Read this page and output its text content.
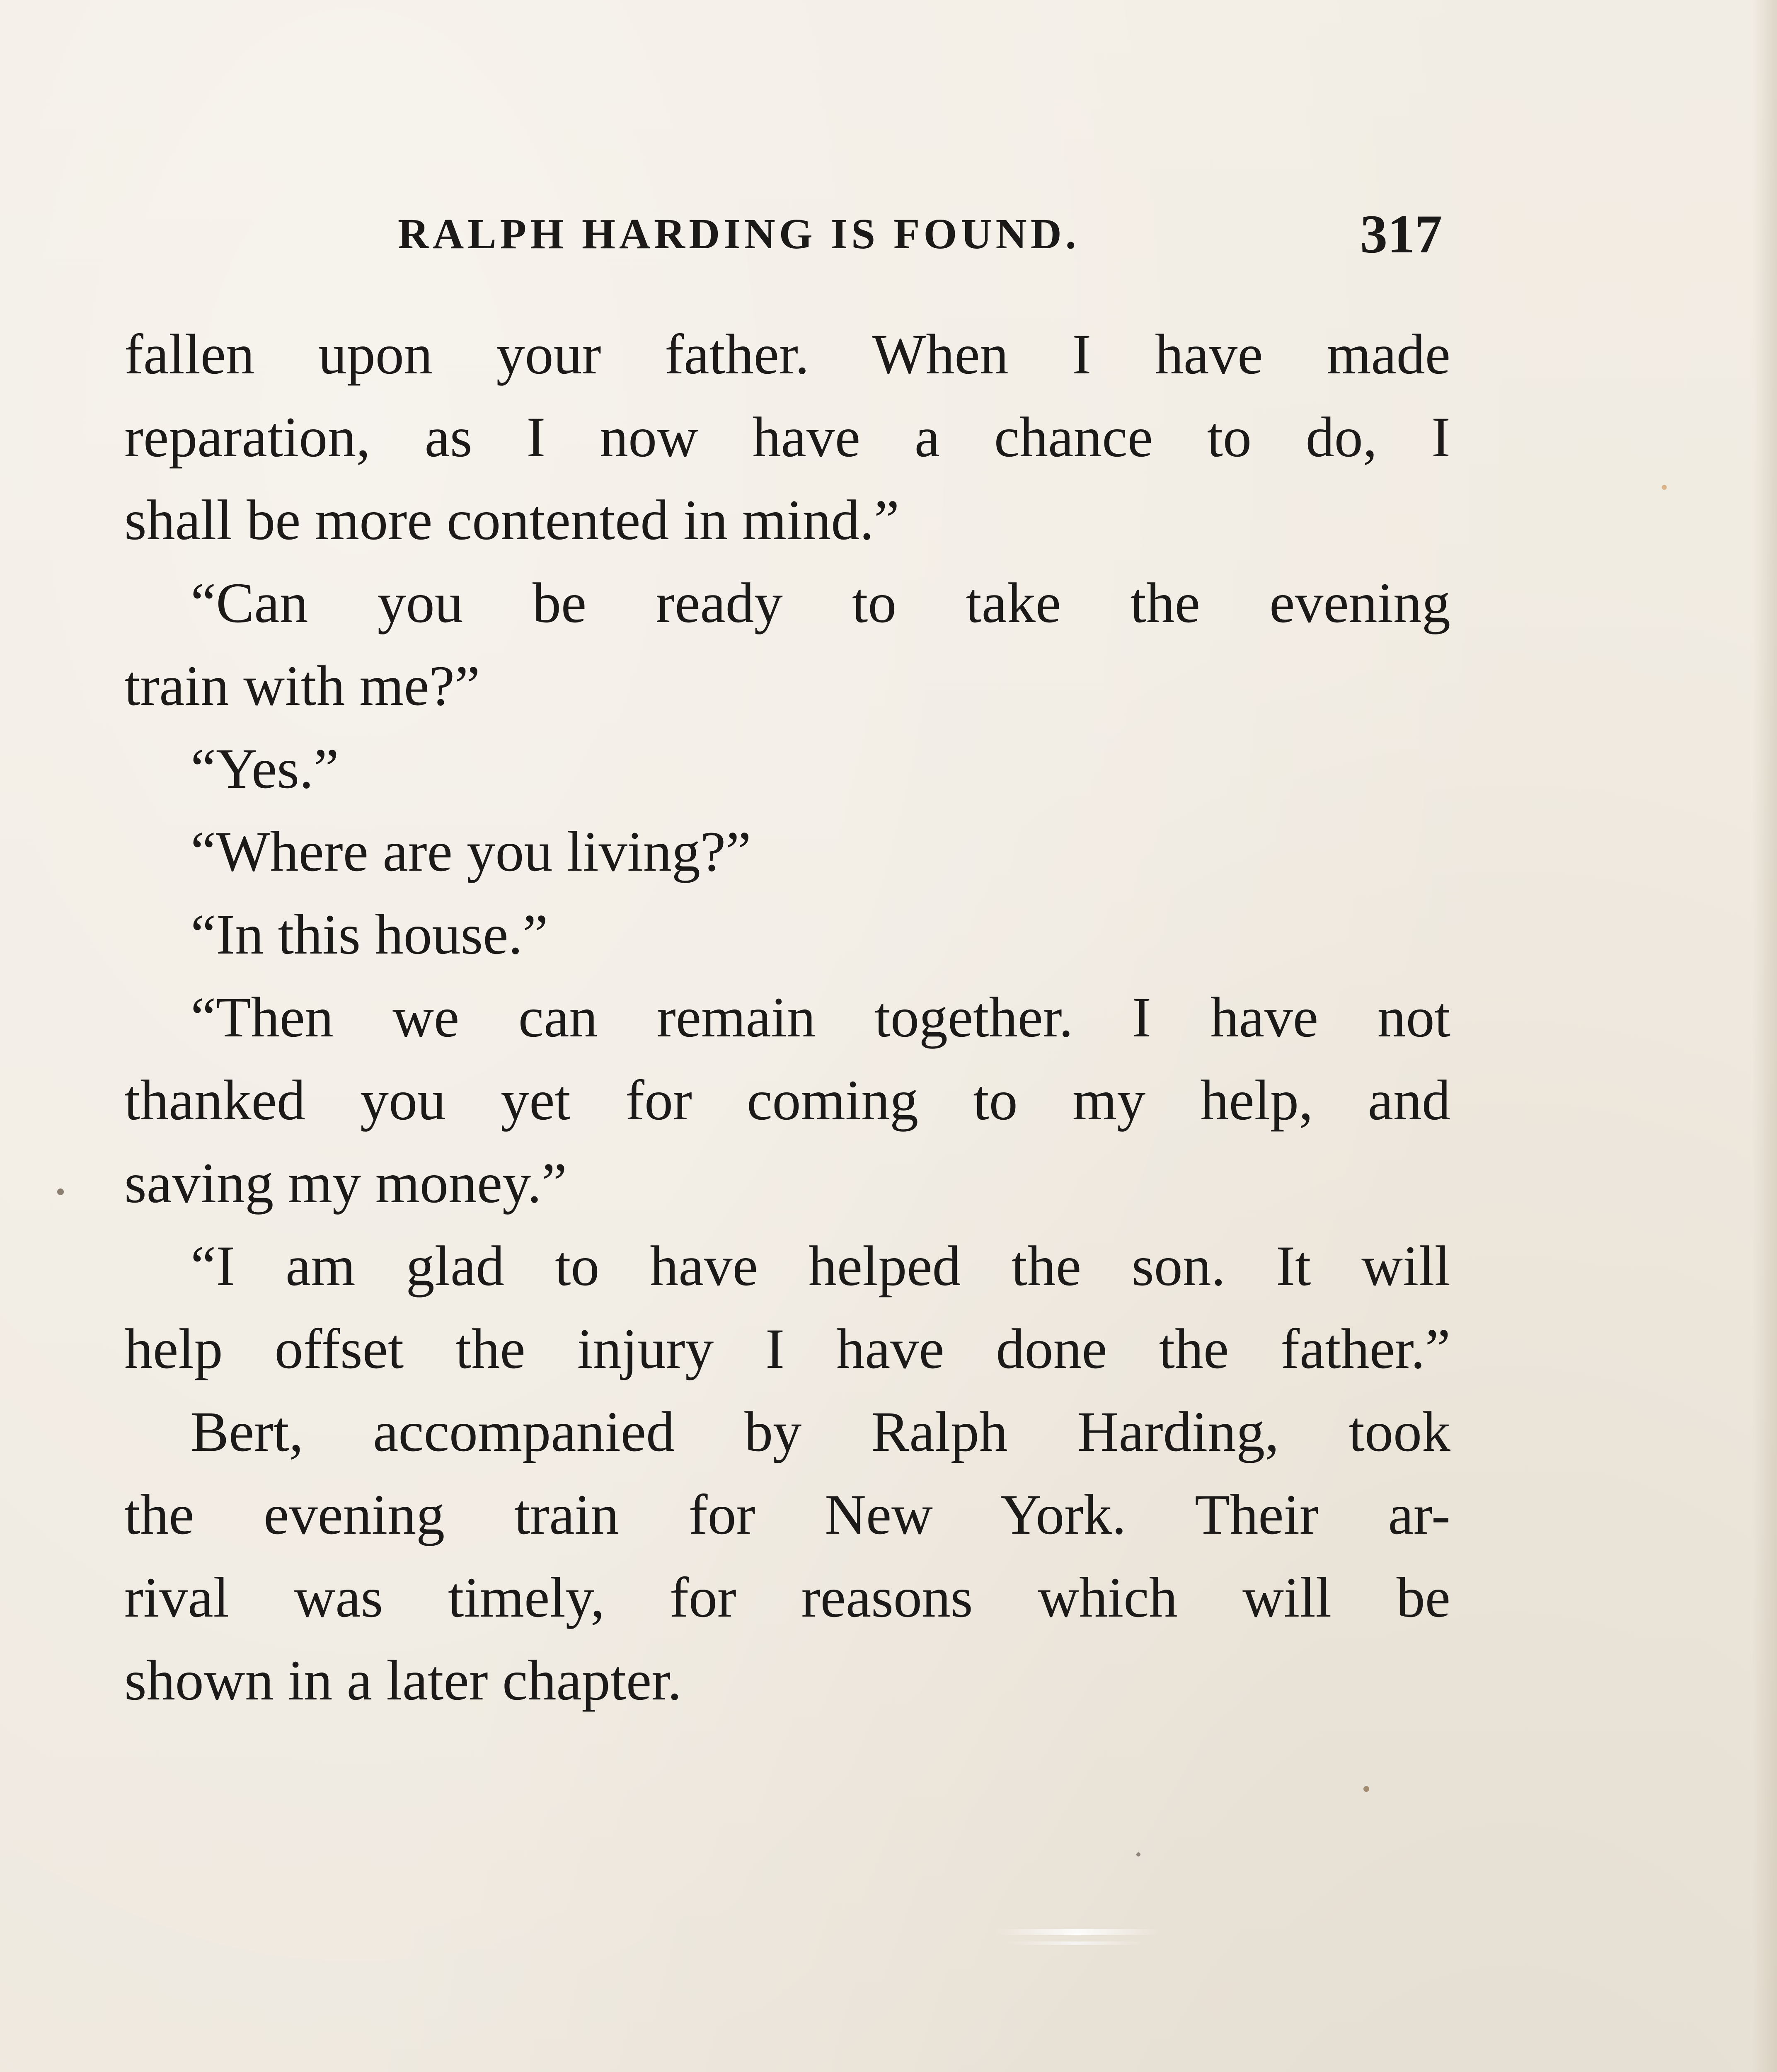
RALPH HARDING IS FOUND.	317
fallen upon your father. When I have made
reparation, as I now have a chance to do, I
shall be more contented in mind.”
“Can you be ready to take the evening
train with me?”
“Yes.”
“Where are you living?”
“In this house.”
“Then we can remain together. I have not
thanked you yet for coming to my help, and
saving my money.”
“I am glad to have helped the son. It will
help offset the injury I have done the father.”
Bert, accompanied by Ralph Harding, took
the evening train for New York. Their ar-
rival was timely, for reasons which will be
shown in a later chapter.
